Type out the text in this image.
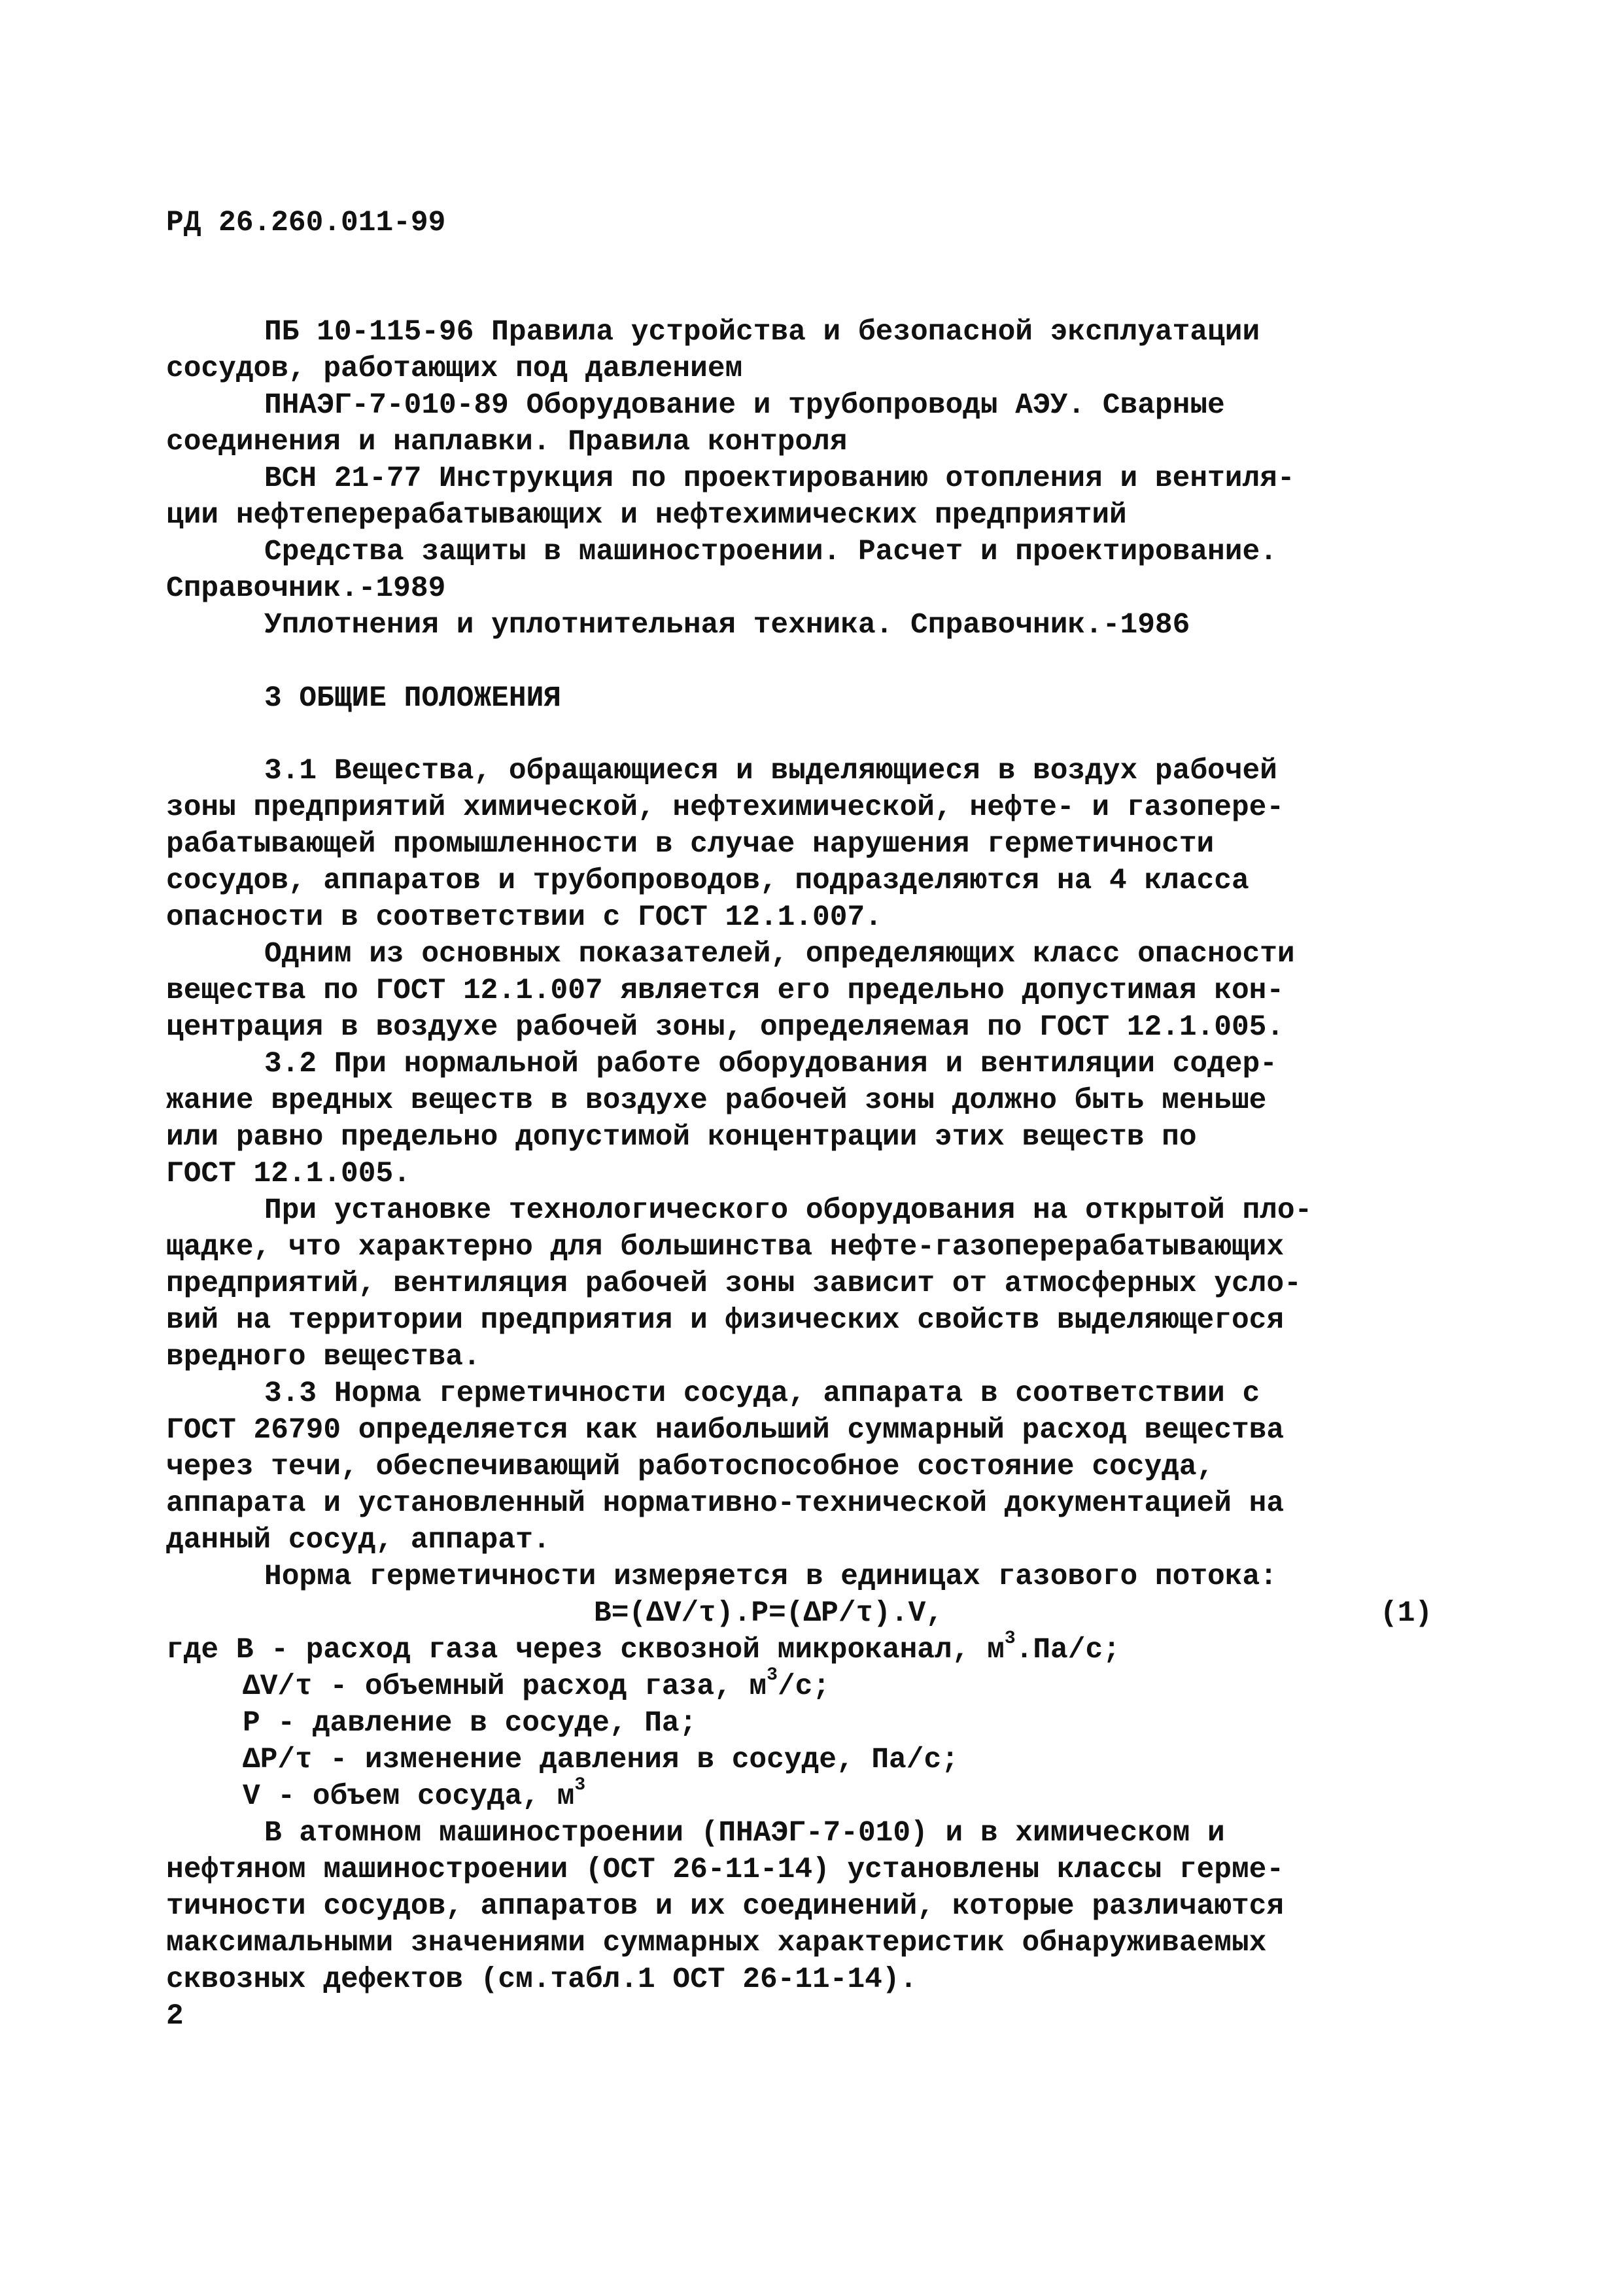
РД 26.260.011-99
ПБ 10-115-96 Правила устройства и безопасной эксплуатации
сосудов, работающих под давлением
ПНАЭГ-7-010-89 Оборудование и трубопроводы АЭУ. Сварные
соединения и наплавки. Правила контроля
ВСН 21-77 Инструкция по проектированию отопления и вентиля-
ции нефтеперерабатывающих и нефтехимических предприятий
Средства защиты в машиностроении. Расчет и проектирование.
Справочник.-1989
Уплотнения и уплотнительная техника. Справочник.-1986
3 ОБЩИЕ ПОЛОЖЕНИЯ
3.1 Вещества, обращающиеся и выделяющиеся в воздух рабочей
зоны предприятий химической, нефтехимической, нефте- и газопере-
рабатывающей промышленности в случае нарушения герметичности
сосудов, аппаратов и трубопроводов, подразделяются на 4 класса
опасности в соответствии с ГОСТ 12.1.007.
Одним из основных показателей, определяющих класс опасности
вещества по ГОСТ 12.1.007 является его предельно допустимая кон-
центрация в воздухе рабочей зоны, определяемая по ГОСТ 12.1.005.
3.2 При нормальной работе оборудования и вентиляции содер-
жание вредных веществ в воздухе рабочей зоны должно быть меньше
или равно предельно допустимой концентрации этих веществ по
ГОСТ 12.1.005.
При установке технологического оборудования на открытой пло-
щадке, что характерно для большинства нефте-газоперерабатывающих
предприятий, вентиляция рабочей зоны зависит от атмосферных усло-
вий на территории предприятия и физических свойств выделяющегося
вредного вещества.
3.3 Норма герметичности сосуда, аппарата в соответствии с
ГОСТ 26790 определяется как наибольший суммарный расход вещества
через течи, обеспечивающий работоспособное состояние сосуда,
аппарата и установленный нормативно-технической документацией на
данный сосуд, аппарат.
Норма герметичности измеряется в единицах газового потока:
B=(ΔV/τ).P=(ΔP/τ).V,	(1)
где B - расход газа через сквозной микроканал, $м^3.Па/с$;
ΔV/τ - объемный расход газа, $м^3/с$;
P - давление в сосуде, Па;
ΔP/τ - изменение давления в сосуде, Па/с;
V - объем сосуда, $м^3$
В атомном машиностроении (ПНАЭГ-7-010) и в химическом и
нефтяном машиностроении (ОСТ 26-11-14) установлены классы герме-
тичности сосудов, аппаратов и их соединений, которые различаются
максимальными значениями суммарных характеристик обнаруживаемых
сквозных дефектов (см.табл.1 ОСТ 26-11-14).
2
